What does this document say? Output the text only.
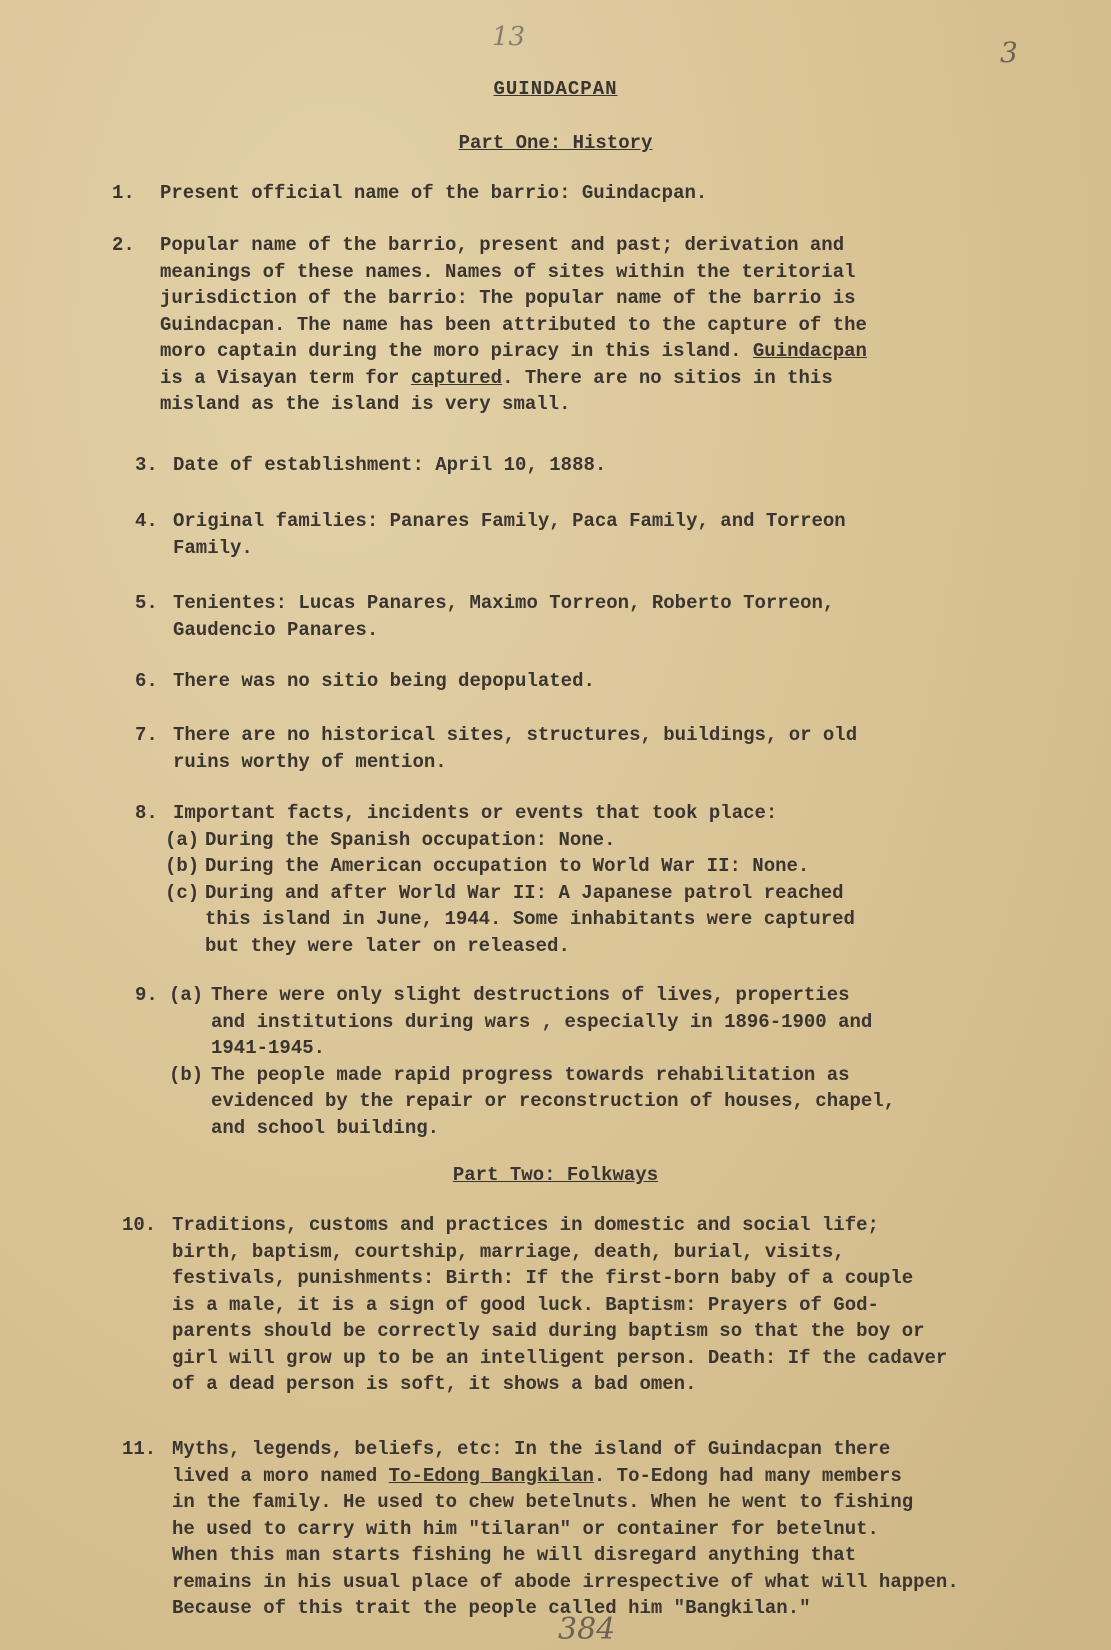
13	3
GUINDACPAN
Part One: History
1.	Present official name of the barrio: Guindacpan.
2. Popular name of the barrio, present and past; derivation and
meanings of these names. Names of sites within the teritorial
jurisdiction of the barrio: The popular name of the barrio is
Guindacpan. The name has been attributed to the capture of the
moro captain during the moro piracy in this island. Guindacpan
is a Visayan term for captured. There are no sitios in this
misland as the island is very small.
3. Date of establishment: April 10, 1888.
4. Original families: Panares Family, Paca Family, and Torreon
Family.
5. Tenientes: Lucas Panares, Maximo Torreon, Roberto Torreon,
Gaudencio Panares.
6. There was no sitio being depopulated.
7. There are no historical sites, structures, buildings, or old
ruins worthy of mention.
8. Important facts, incidents or events that took place:
(a) During the Spanish occupation: None.
(b) During the American occupation to World War II: None.
(c) During and after World War II: A Japanese patrol reached
this island in June, 1944. Some inhabitants were captured
but they were later on released.
9. (a) There were only slight destructions of lives, properties
and institutions during wars , especially in 1896-1900 and
1941-1945.
(b) The people made rapid progress towards rehabilitation as
evidenced by the repair or reconstruction of houses, chapel,
and school building.
Part Two: Folkways
10. Traditions, customs and practices in domestic and social life;
birth, baptism, courtship, marriage, death, burial, visits,
festivals, punishments: Birth: If the first-born baby of a couple
is a male, it is a sign of good luck. Baptism: Prayers of God-
parents should be correctly said during baptism so that the boy or
girl will grow up to be an intelligent person. Death: If the cadaver
of a dead person is soft, it shows a bad omen.
11. Myths, legends, beliefs, etc: In the island of Guindacpan there
lived a moro named To-Edong Bangkilan. To-Edong had many members
in the family. He used to chew betelnuts. When he went to fishing
he used to carry with him "tilaran" or container for betelnut.
When this man starts fishing he will disregard anything that
remains in his usual place of abode irrespective of what will happen.
Because of this trait the people called him "Bangkilan."
384
